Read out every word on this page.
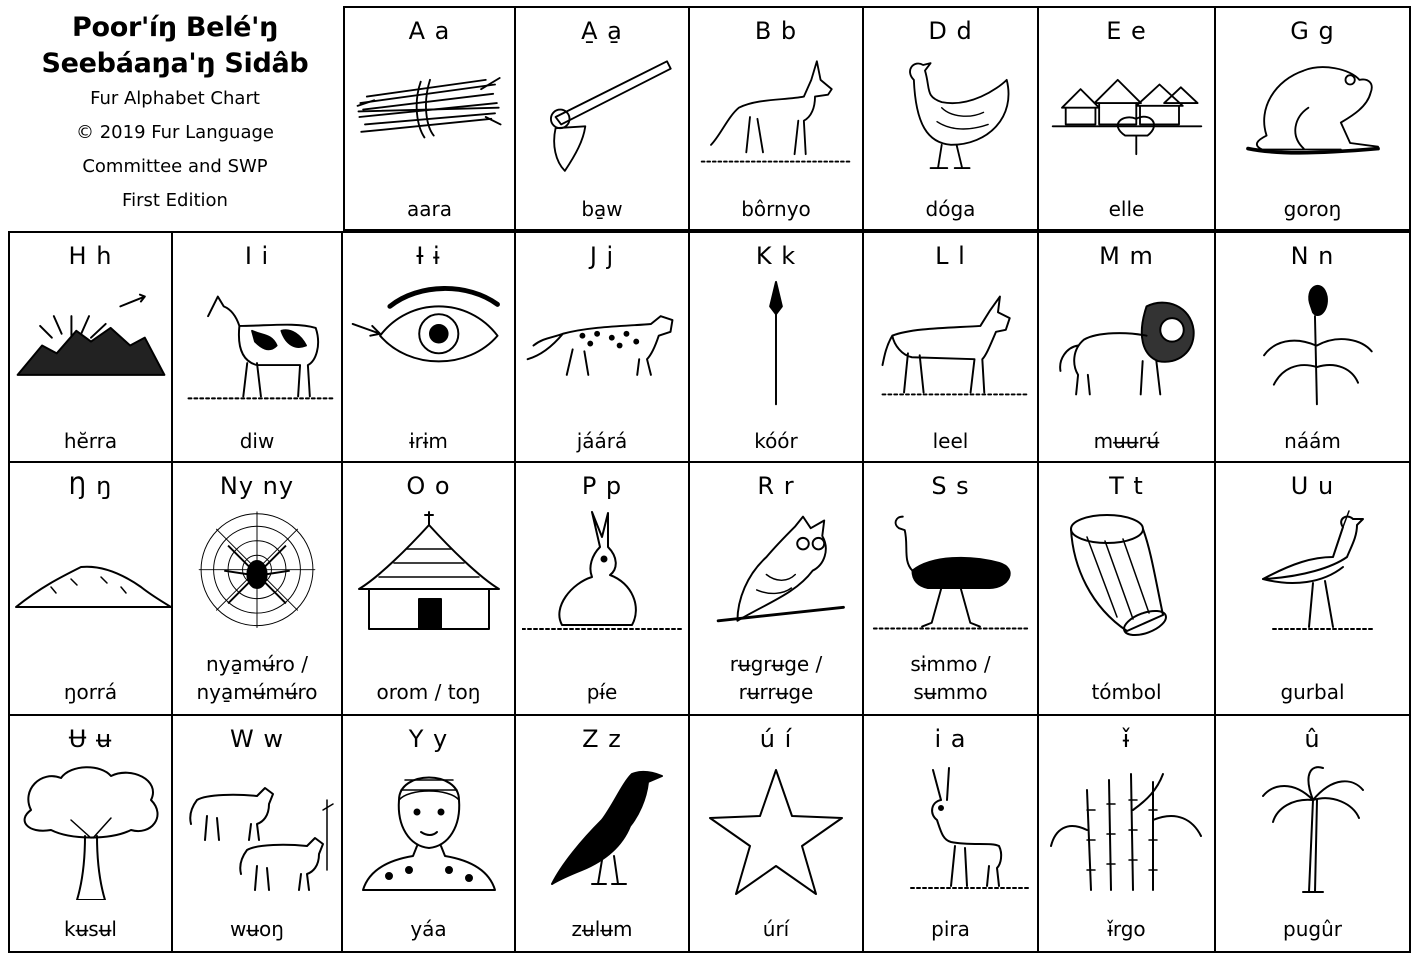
Poorꞌíŋ Beléꞌŋ
Seebáaŋaꞌŋ Sidâb
Fur Alphabet Chart
© 2019 Fur Language
Committee and SWP
First Edition
A a
aara
A̱ a̱
ba̱w
B b
bôrnyo
D d
dóga
E e
elle
G g
goroŋ
H h
hĕrra
I i
diw
Ɨ ɨ
ɨrɨm
J j
jáárá
K k
kóór
L l
leel
M m
mʉʉrʉ́
N n
náám
Ŋ ŋ
ŋorrá
Ny ny
nya̱mʉ́ro /
nya̱mʉ́mʉ́ro
O o
orom / toŋ
P p
pɨ́e
R r
rʉgrʉge /
rʉrrʉge
S s
sɨmmo /
sʉmmo
T t
tómbol
U u
gurbal
Ʉ ʉ
kʉsʉl
W w
wʉoŋ
Y y
yáa
Z z
zʉlʉm
ú í
úrí
i a
pira
ɨ̌
ɨ̌rgo
û
pugûr
